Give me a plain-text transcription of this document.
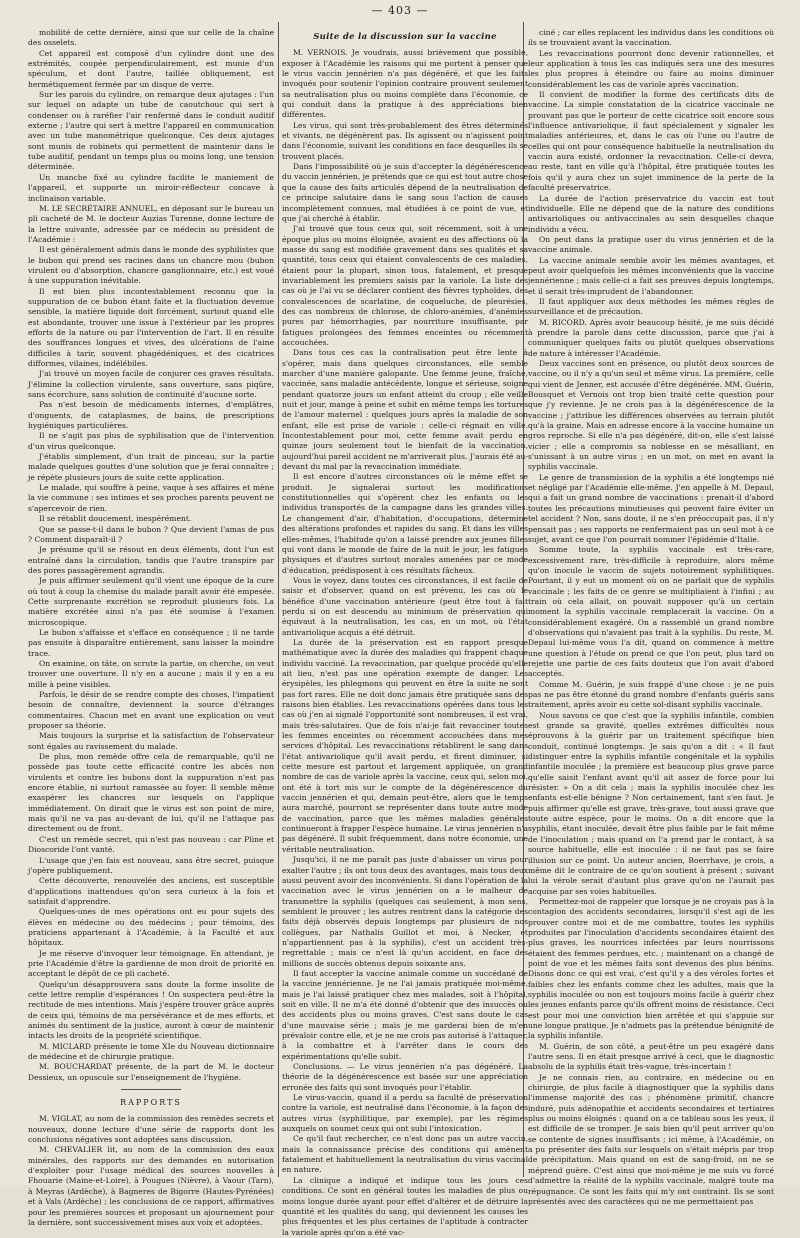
— 403 —

mobilité de cette dernière, ainsi que sur celle de la chaîne des osselets.

Cet appareil est composé d'un cylindre dont une des extrémités, coupée perpendiculairement, est munie d'un spéculum, et dont l'autre, taillée obliquement, est hermétiquement fermée par un disque de verre.

Sur les parois du cylindre, on remarque deux ajutages : l'un sur lequel on adapte un tube de caoutchouc qui sert à condenser ou à raréfier l'air renfermé dans le conduit auditif externe ; l'autre qui sert à mettre l'appareil en communication avec un tube manométrique quelconque. Ces deux ajutages sont munis de robinets qui permettent de maintenir dans le tube auditif, pendant un temps plus ou moins long, une tension déterminée.

Un manche fixé au cylindre facilite le maniement de l'appareil, et supporte un miroir-réflecteur concave à inclinaison variable.

M. LE SECRÉTAIRE ANNUEL, en déposant sur le bureau un pli cacheté de M. le docteur Auzias Turenne, donne lecture de la lettre suivante, adressée par ce médecin au président de l'Académie :

Il est généralement admis dans le monde des syphilistes que le bubon qui prend ses racines dans un chancre mou (bubon virulent ou d'absorption, chancre ganglionnaire, etc.) est voué à une suppuration inévitable.

Il est bien plus incontestablement reconnu que la suppuration de ce bubon étant faite et la fluctuation devenue sensible, la matière liquide doit forcément, surtout quand elle est abondante, trouver une issue à l'extérieur par les propres efforts de la nature ou par l'intervention de l'art. Il en résulte des souffrances longues et vives, des ulcérations de l'aine difficiles à tarir, souvent phagédéniques, et des cicatrices difformes, vilaines, indélébiles.

J'ai trouvé un moyen facile de conjurer ces graves résultats. J'élimine la collection virulente, sans ouverture, sans piqûre, sans écorchure, sans solution de continuité d'aucune sorte.

Pas n'est besoin de médicaments internes, d'emplâtres, d'onguents, de cataplasmes, de bains, de prescriptions hygiéniques particulières.

Il ne s'agit pas plus de syphilisation que de l'intervention d'un virus quelconque.

J'établis simplement, d'un trait de pinceau, sur la partie malade quelques gouttes d'une solution que je ferai connaître ; je répète plusieurs jours de suite cette application.

Le malade, qui souffre à peine, vaque à ses affaires et mène la vie commune : ses intimes et ses proches parents peuvent ne s'apercevoir de rien.

Il se rétablit doucement, inespérément.

Que se passe-t-il dans le bubon ? Que devient l'amas de pus ? Comment disparaît-il ?

Je présume qu'il se résout en deux éléments, dont l'un est entraîné dans la circulation, tandis que l'autre transpire par des pores passagèrement agrandis.

Je puis affirmer seulement qu'il vient une époque de la cure où tout à coup la chemise du malade paraît avoir été empesée. Cette surprenante excrétion se reproduit plusieurs fois. La matière excrétée ainsi n'a pas été soumise à l'examen microscopique.

Le bubon s'affaisse et s'efface en conséquence ; il ne tarde pas ensuite à disparaître entièrement, sans laisser la moindre trace.

On examine, on tâte, on scrute la partie, on cherche, on veut trouver une ouverture. Il n'y en a aucune ; mais il y en a eu mille à peine visibles.

Parfois, le désir de se rendre compte des choses, l'impatient besoin de connaître, deviennent la source d'étranges commentaires. Chacun met en avant une explication ou veut proposer sa théorie.

Mais toujours la surprise et la satisfaction de l'observateur sont égales au ravissement du malade.

De plus, mon remède offre cela de remarquable, qu'il ne possède pas toute cette efficacité contre les abcès non virulents et contre les bubons dont la suppuration n'est pas encore établie, ni surtout ramassée au foyer. Il semble même exaspérer les chancres sur lesquels on l'applique immédiatement. On dirait que le virus est son point de mire, mais qu'il ne va pas au-devant de lui, qu'il ne l'attaque pas directement ou de front.

C'est un remède secret, qui n'est pas nouveau : car Pline et Dioscoride l'ont vanté.

L'usage que j'en fais est nouveau, sans être secret, puisque j'opère publiquement.

Cette découverte, renouvelée des anciens, est susceptible d'applications inattendues qu'on sera curieux à la fois et satisfait d'apprendre.

Quelques-unes de mes opérations ont eu pour sujets des élèves en médecine ou des médecins ; pour témoins, des praticiens appartenant à l'Académie, à la Faculté et aux hôpitaux.

Je me réserve d'invoquer leur témoignage. En attendant, je prie l'Académie d'être la gardienne de mon droit de priorité en acceptant le dépôt de ce pli cacheté.

Quelqu'un désapprouvera sans doute la forme insolite de cette lettre remplie d'espérances ! On suspectera peut-être la rectitude de mes intentions. Mais j'espère trouver grâce auprès de ceux qui, témoins de ma persévérance et de mes efforts, et animés du sentiment de la justice, auront à cœur de maintenir intacts les droits de la propriété scientifique.

M. MICLARD présente le tome XIe du Nouveau dictionnaire de médecine et de chirurgie pratique.

M. BOUCHARDAT présente, de la part de M. le docteur Dessieux, un opuscule sur l'enseignement de l'hygiène.

RAPPORTS

M. VIGLAT, au nom de la commission des remèdes secrets et nouveaux, donne lecture d'une série de rapports dont les conclusions négatives sont adoptées sans discussion.

M. CHEVALIER lit, au nom de la commission des eaux minérales, des rapports sur des demandes en autorisation d'exploiter pour l'usage médical des sources nouvelles à Fhouarie (Maine-et-Loire), à Pougues (Nièvre), à Vaour (Tarn), à Meyras (Ardèche), à Bagneres de Bigorre (Hautes-Pyrénées) et à Vals (Ardèche) ; les conclusions de ce rapport, affirmatives pour les premières sources et proposant un ajournement pour la dernière, sont successivement mises aux voix et adoptées.

Suite de la discussion sur la vaccine

M. VERNOIS. Je voudrais, aussi brièvement que possible, exposer à l'Académie les raisons qui me portent à penser que le virus vaccin jennérien n'a pas dégénéré, et que les faits invoqués pour soutenir l'opinion contraire prouvent seulement sa neutralisation plus ou moins complète dans l'économie, ce qui conduit dans la pratique à des appréciations bien différentes.

Les virus, qui sont très-probablement des êtres déterminés et vivants, ne dégénèrent pas. Ils agissent ou n'agissent point dans l'économie, suivant les conditions en face desquelles ils se trouvent placés.

Dans l'impossibilité où je suis d'accepter la dégénérescence du vaccin jennérien, je prétends que ce qui est tout autre chose que la cause des faits articulés dépend de la neutralisation de ce principe salutaire dans le sang sous l'action de causes incomplètement connues, mal étudiées à ce point de vue, et que j'ai cherché à établir.

J'ai trouvé que tous ceux qui, soit récemment, soit à une époque plus ou moins éloignée, avaient eu des affections où la masse du sang est modifiée gravement dans ses qualités et sa quantité, tous ceux qui étaient convalescents de ces maladies, étaient pour la plupart, sinon tous, fatalement, et presque invariablement les premiers saisis par la variole. La liste des cas où je l'ai vu se déclarer contient des fièvres typhoïdes, des convalescences de scarlatine, de coqueluche, de pleurésies, des cas nombreux de chlorose, de chloro-anémies, d'anémies pures par hémorrhagies, par nourriture insuffisante, par fatigues prolongées des femmes enceintes ou récemment accouchées.

Dans tous ces cas la contralisation peut être lente à s'opérer, mais dans quelques circonstances, elle semble marcher d'une manière galopante. Une femme jeune, fraîche, vaccinée, sans maladie antécédente, longue et sérieuse, soigne pendant quatorze jours un enfant atteint du croup ; elle veille nuit et jour, mange à peine et subit en même temps les tortures de l'amour maternel : quelques jours après la maladie de son enfant, elle est prise de variole : celle-ci régnait en ville. Incontestablement pour moi, cette femme avait perdu en quinze jours seulement tout le bienfait de la vaccination, aujourd'hui pareil accident ne m'arriverait plus. J'aurais été au-devant du mal par la revaccination immédiate.

Il est encore d'autres circonstances où le même effet se produit. Je signalerai surtout les modifications constitutionnelles qui s'opèrent chez les enfants ou les individus transportés de la campagne dans les grandes villes. Le changement d'air, d'habitation, d'occupations, détermine des altérations profondes et rapides du sang. Et dans les villes elles-mêmes, l'habitude qu'on a laissé prendre aux jeunes filles qui vont dans le monde de faire de la nuit le jour, les fatigues physiques et d'autres surtout morales amenées par ce mode d'éducation, prédisposent à ces résultats fâcheux.

Vous le voyez, dans toutes ces circonstances, il est facile de saisir et d'observer, quand on est prévenu, les cas où le bénéfice d'une vaccination antérieure (peut être tout à fait perdu si on est descendu au minimum de préservation qui équivaut à la neutralisation, les cas, en un mot, où l'état antivariolique acquis a été détruit.

La durée de la préservation est en rapport presque mathématique avec la durée des maladies qui frappent chaque individu vacciné. La revaccination, par quelque procédé qu'elle ait lieu, n'est pas une opération exempte de danger. Les érysipèles, les phlegmons qui peuvent en être la suite ne sont pas fort rares. Elle ne doit donc jamais être pratiquée sans des raisons bien établies. Les revaccinations opérées dans tous les cas où j'en ai signalé l'opportunité sont nombreuses, il est vrai, mais très-salutaires. Que de fois n'ai-je fait revacciner toutes les femmes enceintes ou récemment accouchées dans mes services d'hôpital. Les revaccinations rétablirent le sang dans l'état antivariolique qu'il avait perdu, et firent diminuer, si cette mesure est partout et largement appliquée, un grand nombre de cas de variole après la vaccine, ceux qui, selon moi, ont été à tort mis sur le compte de la dégénérescence du vaccin jennérien et qui, demain peut-être, alors que le temps aura marché, pourront se représenter dans toute autre mode de vaccination, parce que les mêmes maladies générales continueront à frapper l'espèce humaine. Le virus jennérien n'a pas dégénéré. Il subit fréquemment, dans notre économie, une véritable neutralisation.

Jusqu'ici, il ne me paraît pas juste d'abaisser un virus pour exalter l'autre ; ils ont tous deux des avantages, mais tous deux aussi peuvent avoir des inconvénients. Si dans l'opération de la vaccination avec le virus jennérien on a le malheur de transmettre la syphilis (quelques cas seulement, à mon sens, semblent le prouver ; les autres rentrent dans la catégorie des faits déjà observés depuis longtemps par plusieurs de nos collègues, par Nathalis Guillot et moi, à Necker, et n'appartiennent pas à la syphilis), c'est un accident très-regrettable ; mais ce n'est là qu'un accident, en face des millions de succès obtenus depuis soixante ans.

Il faut accepter la vaccine animale comme un succédané de la vaccine jennérienne. Je ne l'ai jamais pratiquée moi-même, mais je l'ai laissé pratiquer chez mes malades, soit à l'hôpital, soit en ville. Il ne m'a été donné d'obtenir que des insuccès ou des accidents plus ou moins graves. C'est sans doute le cas d'une mauvaise série ; mais je me garderai bien de m'en prévaloir contre elle, et je ne me crois pas autorisé à l'attaquer, à la combattre et à l'arrêter dans le cours des expérimentations qu'elle subit.

Conclusions. — Le virus jennérien n'a pas dégénéré. La théorie de la dégénérescence est basée sur une appréciation erronée des faits qui sont invoqués pour l'établir.

Le virus-vaccin, quand il a perdu sa faculté de préservation contre la variole, est neutralisé dans l'économie, à la façon des autres virus (syphilitique, par exemple), par les régimes auxquels on soumet ceux qui ont subi l'intoxication.

Ce qu'il faut rechercher, ce n'est donc pas un autre vaccin, mais la connaissance précise des conditions qui amènent fatalement et habituellement la neutralisation du virus vaccinal en nature.

La clinique a indiqué et indique tous les jours ces conditions. Ce sont en général toutes les maladies de plus ou moins longue durée ayant pour effet d'altérer et de détruire la quantité et les qualités du sang, qui deviennent les causes les plus fréquentes et les plus certaines de l'aptitude à contracter la variole après qu'on a été vac-

ciné ; car elles replacent les individus dans les conditions où ils se trouvaient avant la vaccination.

Les revaccinations pourront donc devenir rationnelles, et leur application à tous les cas indiqués sera une des mesures les plus propres à éteindre ou faire au moins diminuer considérablement les cas de variole après vaccination.

Il convient de modifier la forme des certificats dits de vaccine. La simple constatation de la cicatrice vaccinale ne prouvant pas que le porteur de cette cicatrice soit encore sous l'influence antivariolique, il faut spécialement y signaler les maladies antérieures, et, dans le cas où l'une ou l'autre de celles qui ont pour conséquence habituelle la neutralisation du vaccin aura existé, ordonner la revaccination. Celle-ci devra, au reste, tant en ville qu'à l'hôpital, être pratiquée toutes les fois qu'il y aura chez un sujet imminence de la perte de la faculté préservatrice.

La durée de l'action préservatrice du vaccin est tout individuelle. Elle ne dépend que de la nature des conditions antivarioliques ou antivaccinales au sein desquelles chaque individu a vécu.

On peut dans la pratique user du virus jennérien et de la vaccine animale.

La vaccine animale semble avoir les mêmes avantages, et peut avoir quelquefois les mêmes inconvénients que la vaccine jennérienne ; mais celle-ci a fait ses preuves depuis longtemps, et il serait très-imprudent de l'abandonner.

Il faut appliquer aux deux méthodes les mêmes règles de surveillance et de précaution.

M. RICORD. Après avoir beaucoup hésité, je me suis décidé à prendre la parole dans cette discussion, parce que j'ai à communiquer quelques faits ou plutôt quelques observations de nature à intéresser l'Académie.

Deux vaccines sont en présence, ou plutôt deux sources de vaccine, ou il n'y a qu'un seul et même virus. La première, celle qui vient de Jenner, est accusée d'être dégénérée. MM. Guérin, Bousquet et Vernois ont trop bien traité cette question pour que j'y revienne. Je ne crois pas à la dégénérescence de la vaccine ; j'attribue les différences observées au terrain plutôt qu'à la graine. Mais en adresse encore à la vaccine humaine un gros reproche. Si elle n'a pas dégénéré, dit-on, elle s'est laissé vicier ; elle a compromis sa noblesse en se mésalliant, en s'unissant à un autre virus ; en un mot, on met en avant la syphilis vaccinale.

Le genre de transmission de la syphilis a été longtemps nié et négligé par l'Académie elle-même. J'en appelle à M. Depaul, qui a fait un grand nombre de vaccinations : prenait-il d'abord toutes les précautions minutieuses qui peuvent faire éviter un tel accident ? Non, sans doute, il ne s'en préoccupait pas, il n'y pensait pas ; ses rapports ne renfermaient pas un seul mot à ce sujet, avant ce que l'on pourrait nommer l'épidémie d'Italie.

Somme toute, la syphilis vaccinale est très-rare, excessivement rare, très-difficile à reproduire, alors même qu'on inocule le vaccin de sujets notoirement syphilitiques. Pourtant, il y eut un moment où on ne parlait que de syphilis vaccinale ; les faits de ce genre se multipliaient à l'infini ; au train où cela allait, on pouvait supposer qu'à un certain moment la syphilis vaccinale remplacerait la vaccine. On a considérablement exagéré. On a rassemblé un grand nombre d'observations qui n'avaient pas trait à la syphilis. Du reste, M. Depaul lui-même vous l'a dit, quand on commence à mettre une question à l'étude on prend ce que l'on peut, plus tard on rejette une partie de ces faits douteux que l'on avait d'abord acceptés.

Comme M. Guérin, je suis frappé d'une chose : je ne puis pas ne pas être étonné du grand nombre d'enfants guéris sans traitement, après avoir eu cette sol-disant syphilis vaccinale.

Nous savons ce que c'est que la syphilis infantile, combien est grande sa gravité, quelles extrêmes difficultés nous éprouvons à la guérir par un traitement spécifique bien conduit, continué longtemps. Je sais qu'on a dit : « Il faut distinguer entre la syphilis infantile congénitale et la syphilis infantile inoculée ; la première est beaucoup plus grave parce qu'elle saisit l'enfant avant qu'il ait assez de force pour lui résister. » On a dit cela ; mais la syphilis inoculée chez les enfants est-elle bénigne ? Non certainement, tant s'en faut. Je puis affirmer qu'elle est grave, très-grave, tout aussi grave que toute autre espèce, pour le moins. On a dit encore que la syphilis, étant inoculée, devait être plus faible par le fait même de l'inoculation ; mais quand on l'a prend par le contact, à sa source habituelle, elle est inoculée : il ne faut pas se faire illusion sur ce point. Un auteur ancien, Boerrhave, je crois, a même dit le contraire de ce qu'on soutient à présent ; suivant lui la vérole serait d'autant plus grave qu'on ne l'aurait pas acquise par ses voies habituelles.

Permettez-moi de rappeler que lorsque je ne croyais pas à la contagion des accidents secondaires, lorsqu'il s'est agi de les prouver contre moi et de me combattre, toutes les syphilis produites par l'inoculation d'accidents secondaires étaient des plus graves, les nourrices infectées par leurs nourrissons étaient des femmes perdues, etc. ; maintenant on a changé de point de vue et les mêmes faits sont devenus des plus bénins. Disons donc ce qui est vrai, c'est qu'il y a des véroles fortes et faibles chez les enfants comme chez les adultes, mais que la syphilis inoculée ou non est toujours moins facile à guérir chez les jeunes enfants parce qu'ils offrent moins de résistance. Ceci est pour moi une conviction bien arrêtée et qui s'appuie sur une longue pratique. Je n'admets pas la prétendue bénignité de la syphilis infantile.

M. Guérin, de son côté, a peut-être un peu exagéré dans l'autre sens. Il en était presque arrivé à ceci, que le diagnostic absolu de la syphilis était très-vague, très-incertain !

Je ne connais rien, au contraire, en médecine ou en chirurgie, de plus facile à diagnostiquer que la syphilis dans l'immense majorité des cas ; phénomène primitif, chancre induré, puis adénopathie et accidents secondaires et tertiaires plus ou moins éloignés : quand on a ce tableau sous les yeux, il est difficile de se tromper. Je sais bien qu'il peut arriver qu'on se contente de signes insuffisants ; ici même, à l'Académie, on a pu présenter des faits sur lesquels on s'était mépris par trop de précipitation. Mais quand on est de sang-froid, on ne se méprend guère. C'est ainsi que moi-même je me suis vu forcé d'admettre la réalité de la syphilis vaccinale, malgré toute ma répugnance. Ce sont les faits qui m'y ont contraint. Ils se sont présentés avec des caractères qui ne me permettaient pas
